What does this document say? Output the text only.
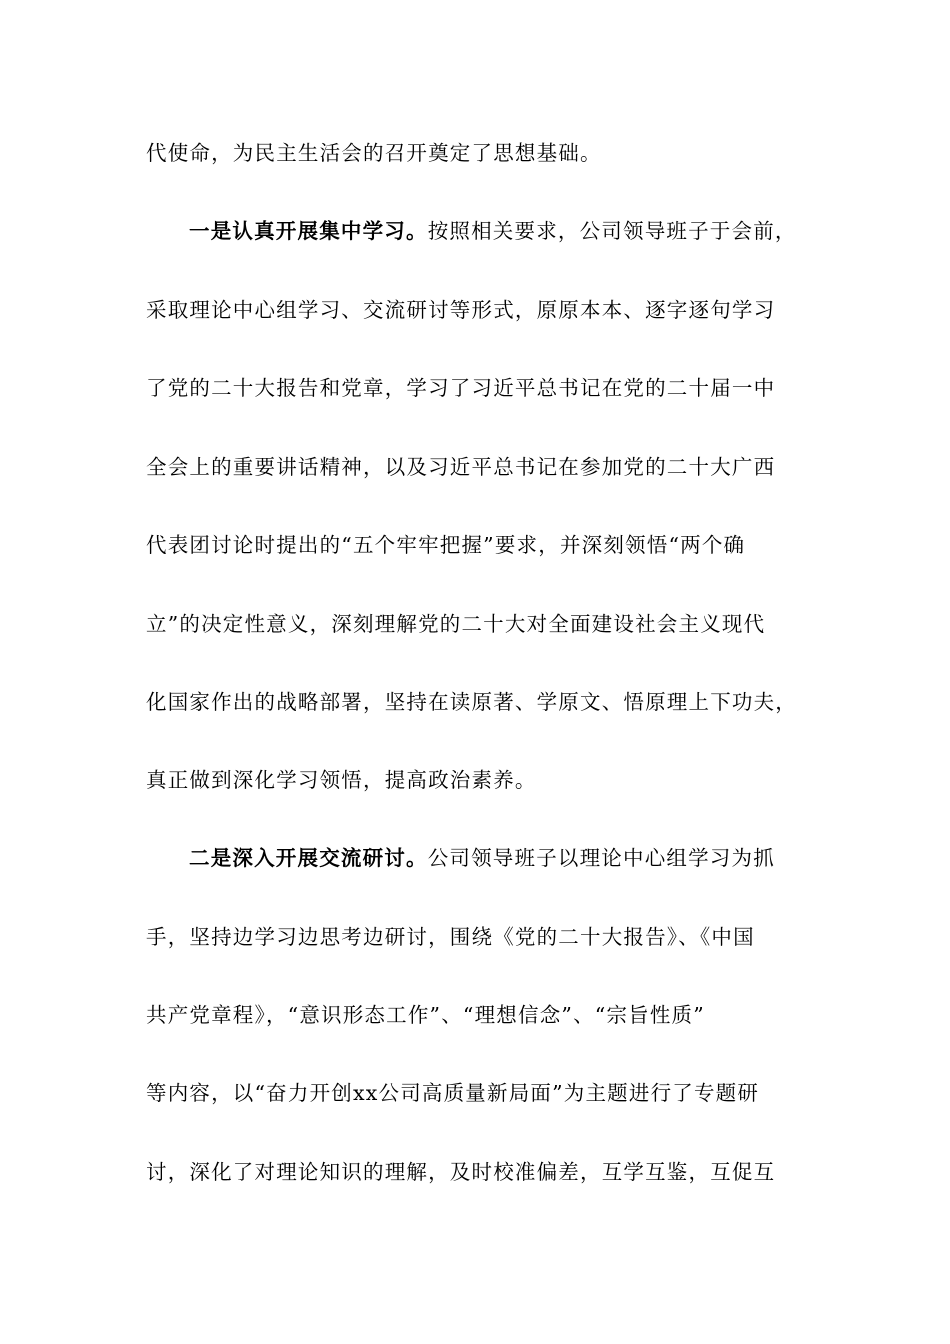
代使命，为民主生活会的召开奠定了思想基础。
一是认真开展集中学习。按照相关要求，公司领导班子于会前，
采取理论中心组学习、交流研讨等形式，原原本本、逐字逐句学习
了党的二十大报告和党章，学习了习近平总书记在党的二十届一中
全会上的重要讲话精神，以及习近平总书记在参加党的二十大广西
代表团讨论时提出的“五个牢牢把握”要求，并深刻领悟“两个确
立”的决定性意义，深刻理解党的二十大对全面建设社会主义现代
化国家作出的战略部署，坚持在读原著、学原文、悟原理上下功夫，
真正做到深化学习领悟，提高政治素养。
二是深入开展交流研讨。公司领导班子以理论中心组学习为抓
手，坚持边学习边思考边研讨，围绕《党的二十大报告》、《中国
共产党章程》，“意识形态工作”、“理想信念”、“宗旨性质”
等内容，以“奋力开创xx公司高质量新局面”为主题进行了专题研
讨，深化了对理论知识的理解，及时校准偏差，互学互鉴，互促互
